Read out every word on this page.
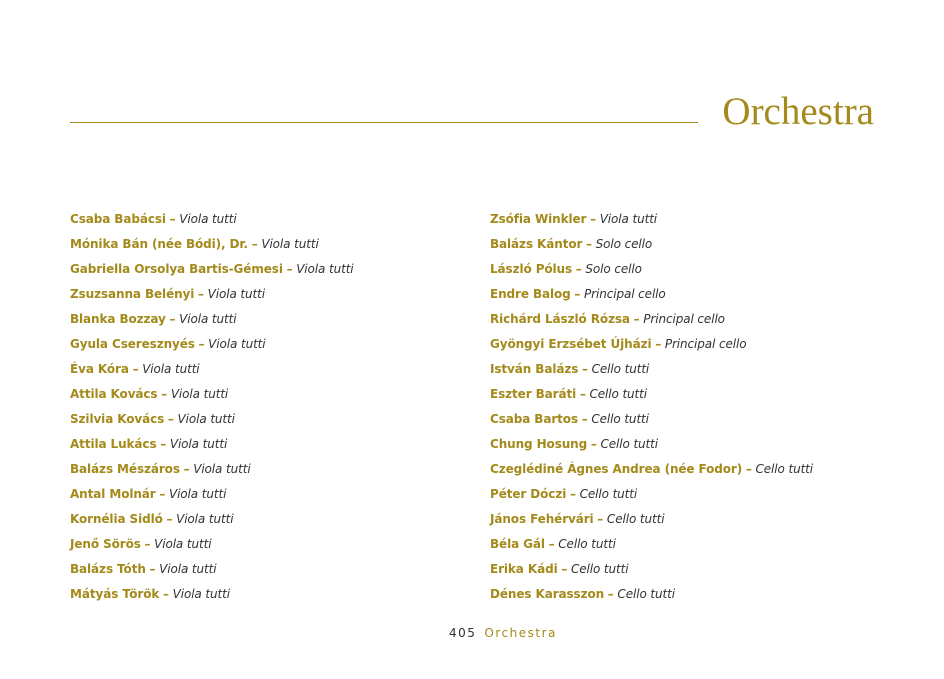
Orchestra
Csaba Babácsi – Viola tutti
Mónika Bán (née Bódi), Dr. – Viola tutti
Gabriella Orsolya Bartis-Gémesi – Viola tutti
Zsuzsanna Belényi – Viola tutti
Blanka Bozzay – Viola tutti
Gyula Cseresznyés – Viola tutti
Éva Kóra – Viola tutti
Attila Kovács – Viola tutti
Szilvia Kovács – Viola tutti
Attila Lukács – Viola tutti
Balázs Mészáros – Viola tutti
Antal Molnár – Viola tutti
Kornélia Sidló – Viola tutti
Jenő Sörös – Viola tutti
Balázs Tóth – Viola tutti
Mátyás Török – Viola tutti
Zsófia Winkler – Viola tutti
Balázs Kántor – Solo cello
László Pólus – Solo cello
Endre Balog – Principal cello
Richárd László Rózsa – Principal cello
Gyöngyi Erzsébet Újházi – Principal cello
István Balázs – Cello tutti
Eszter Baráti – Cello tutti
Csaba Bartos – Cello tutti
Chung Hosung – Cello tutti
Czeglédiné Ágnes Andrea (née Fodor) – Cello tutti
Péter Dóczi – Cello tutti
János Fehérvári – Cello tutti
Béla Gál – Cello tutti
Erika Kádi – Cello tutti
Dénes Karasszon – Cello tutti
405 Orchestra
